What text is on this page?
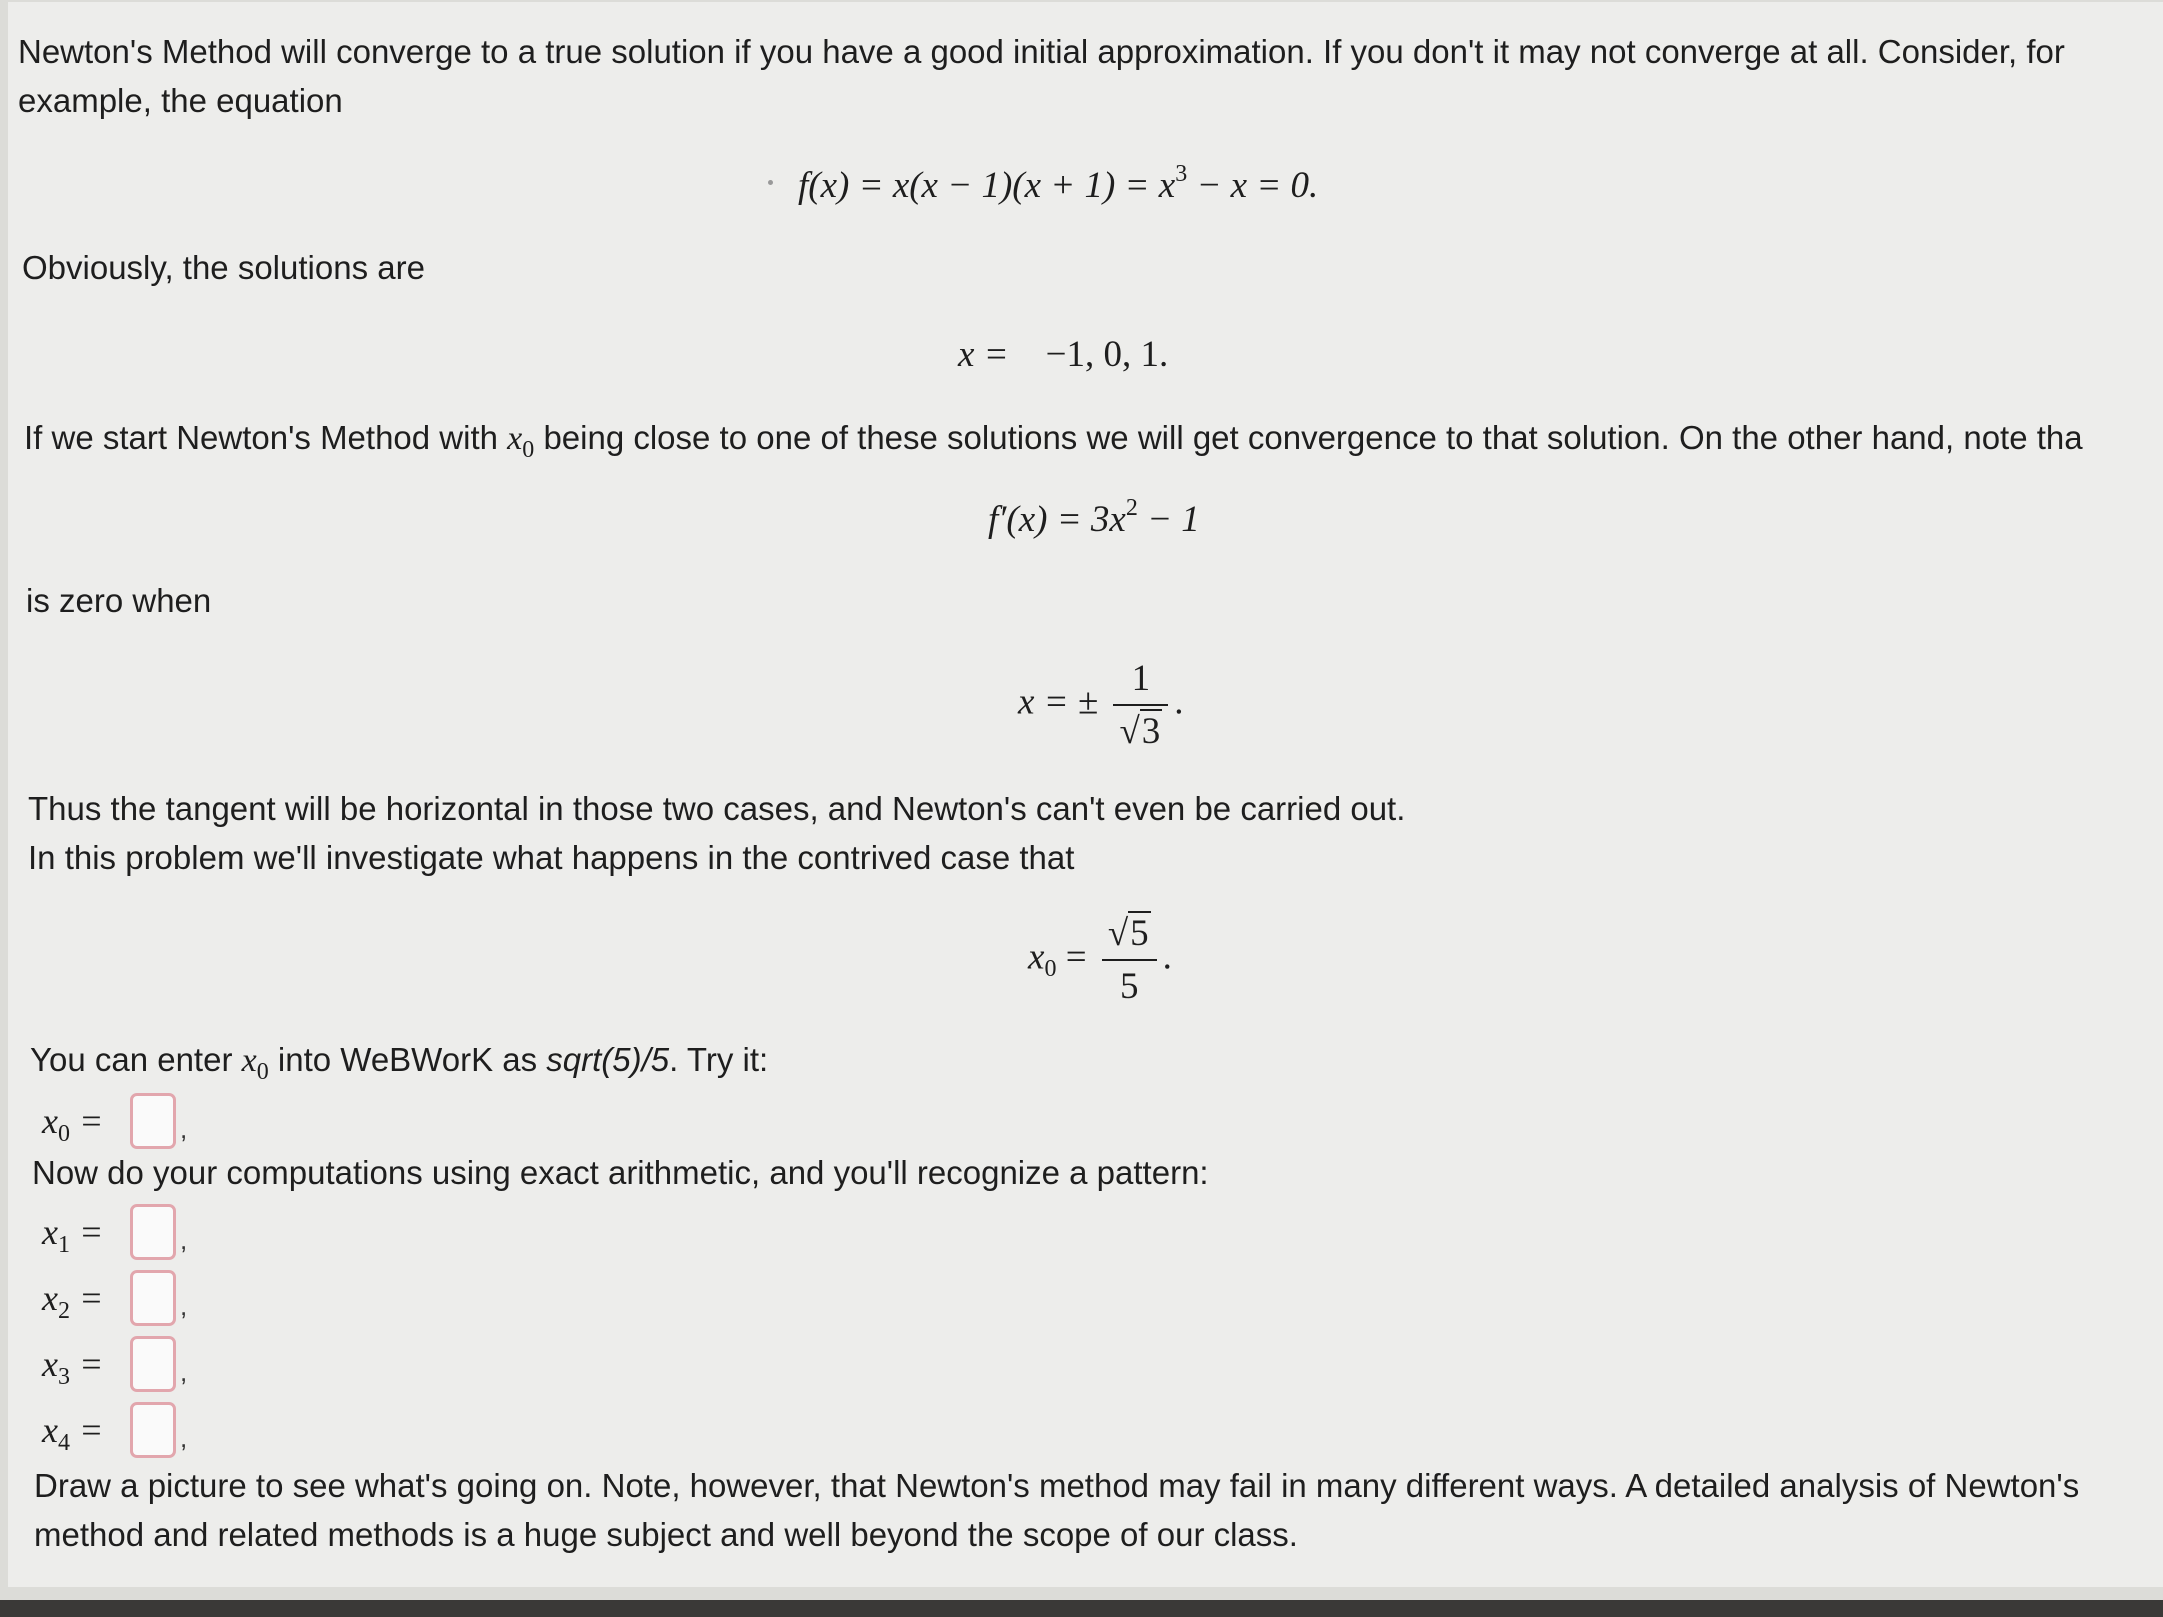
Newton's Method will converge to a true solution if you have a good initial approximation. If you don't it may not converge at all. Consider, for
example, the equation
$f(x) = x(x - 1)(x + 1) = x^3 - x = 0$.
Obviously, the solutions are
x = −1, 0, 1.
If we start Newton's Method with $x_0$ being close to one of these solutions we will get convergence to that solution. On the other hand, note tha
$f'(x) = 3x^2 - 1$
is zero when
x = ± $\frac{1}{√3}$ .
Thus the tangent will be horizontal in those two cases, and Newton's can't even be carried out.
In this problem we'll investigate what happens in the contrived case that
$x_0 = \frac{√5}{5}$ .
You can enter $x_0$ into WeBWorK as sqrt(5)/5. Try it:
$x_0$ =	,
Now do your computations using exact arithmetic, and you'll recognize a pattern:
$x_1$ =	,
$x_2$ =	,
$x_3$ =	,
$x_4$ =	,
Draw a picture to see what's going on. Note, however, that Newton's method may fail in many different ways. A detailed analysis of Newton's
method and related methods is a huge subject and well beyond the scope of our class.
